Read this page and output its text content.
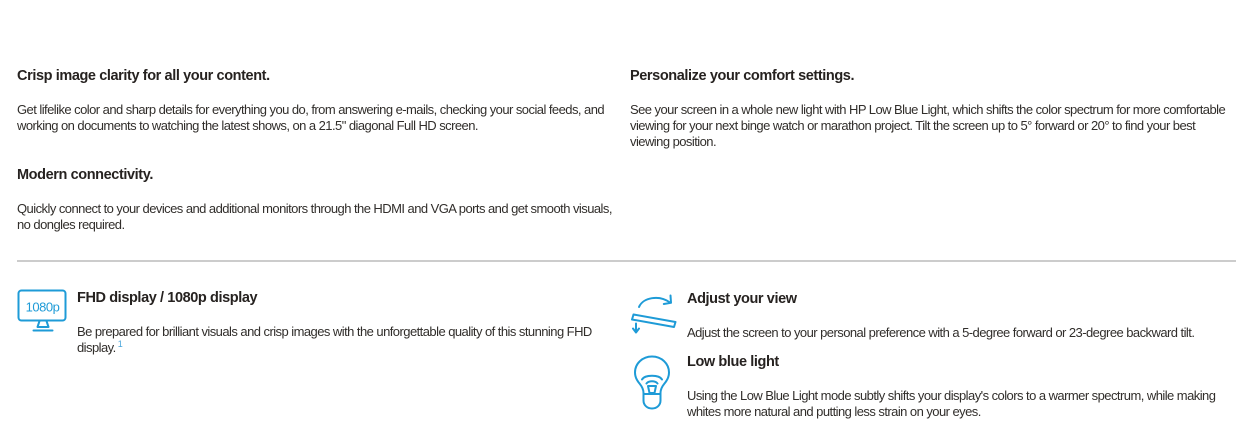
Crisp image clarity for all your content.

Get lifelike color and sharp details for everything you do, from answering e-mails, checking your social feeds, and working on documents to watching the latest shows, on a 21.5" diagonal Full HD screen.

Modern connectivity.

Quickly connect to your devices and additional monitors through the HDMI and VGA ports and get smooth visuals, no dongles required.

Personalize your comfort settings.

See your screen in a whole new light with HP Low Blue Light, which shifts the color spectrum for more comfortable viewing for your next binge watch or marathon project. Tilt the screen up to 5° forward or 20° to find your best viewing position.

1080p
FHD display / 1080p display

Be prepared for brilliant visuals and crisp images with the unforgettable quality of this stunning FHD display. $^1$

Adjust your view

Adjust the screen to your personal preference with a 5-degree forward or 23-degree backward tilt.

Low blue light

Using the Low Blue Light mode subtly shifts your display's colors to a warmer spectrum, while making whites more natural and putting less strain on your eyes.
